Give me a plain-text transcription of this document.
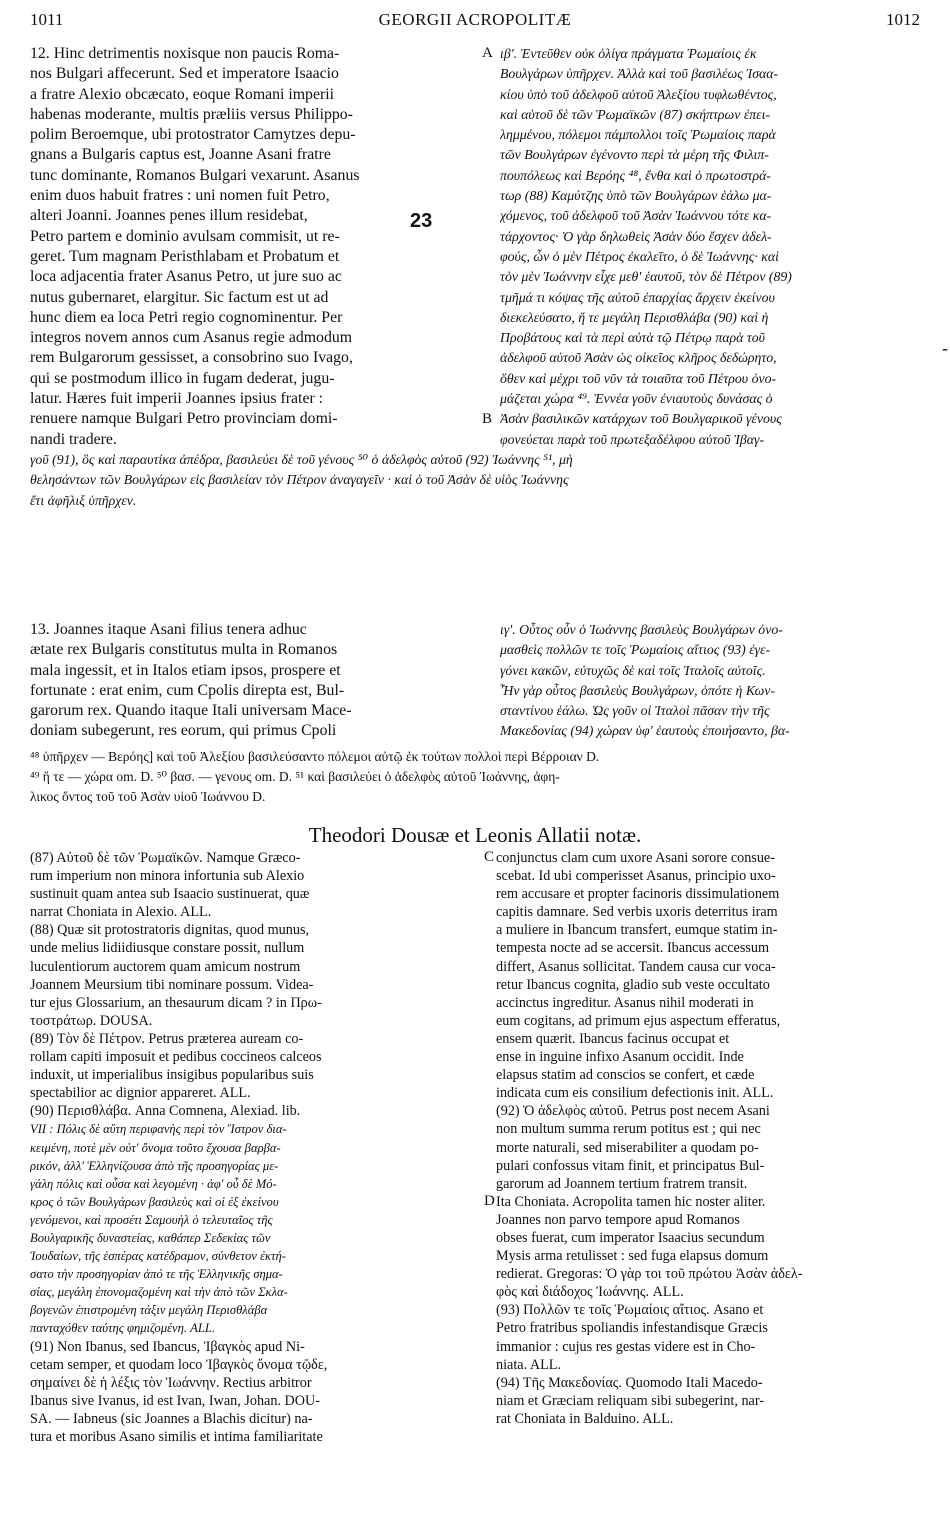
1011	GEORGII ACROPOLITÆ	1012
12. Hinc detrimentis noxisque non paucis Roma-
nos Bulgari affecerunt. Sed et imperatore Isaacio
a fratre Alexio obcæcato, eoque Romani imperii
habenas moderante, multis præliis versus Philippo-
polim Beroemque, ubi protostrator Camytzes depu-
gnans a Bulgaris captus est, Joanne Asani fratre
tunc dominante, Romanos Bulgari vexarunt. Asanus
enim duos habuit fratres : uni nomen fuit Petro,
alteri Joanni. Joannes penes illum residebat,
Petro partem e dominio avulsam commisit, ut re-
geret. Tum magnam Peristhlabam et Probatum et
loca adjacentia frater Asanus Petro, ut jure suo ac
nutus gubernaret, elargitur. Sic factum est ut ad
hunc diem ea loca Petri regio cognominentur. Per
integros novem annos cum Asanus regie admodum
rem Bulgarorum gessisset, a consobrino suo Ivago,
qui se postmodum illico in fugam dederat, jugu-
latur. Hæres fuit imperii Joannes ipsius frater :
renuere namque Bulgari Petro provinciam domi-
nandi tradere.
A
B
23
-
ιβ'. Ἐντεῦθεν οὐκ ὀλίγα πράγματα Ῥωμαίοις ἐκ
Βουλγάρων ὑπῆρχεν. Ἀλλὰ καὶ τοῦ βασιλέως Ἰσαα-
κίου ὑπὸ τοῦ ἀδελφοῦ αὐτοῦ Ἀλεξίου τυφλωθέντος,
καὶ αὐτοῦ δὲ τῶν Ῥωμαϊκῶν (87) σκήπτρων ἐπει-
λημμένου, πόλεμοι πάμπολλοι τοῖς Ῥωμαίοις παρὰ
τῶν Βουλγάρων ἐγένοντο περὶ τὰ μέρη τῆς Φιλιπ-
πουπόλεως καὶ Βερόης ⁴⁸, ἔνθα καὶ ὁ πρωτοστρά-
τωρ (88) Καμύτζης ὑπὸ τῶν Βουλγάρων ἑάλω μα-
χόμενος, τοῦ ἀδελφοῦ τοῦ Ἀσὰν Ἰωάννου τότε κα-
τάρχοντος· Ὁ γὰρ δηλωθεὶς Ἀσὰν δύο ἔσχεν ἀδελ-
φούς, ὧν ὁ μὲν Πέτρος ἐκαλεῖτο, ὁ δὲ Ἰωάννης· καὶ
τὸν μὲν Ἰωάννην εἶχε μεθ' ἑαυτοῦ, τὸν δὲ Πέτρον (89)
τμῆμά τι κόψας τῆς αὐτοῦ ἐπαρχίας ἄρχειν ἐκείνου
διεκελεύσατο, ἥ τε μεγάλη Περισθλάβα (90) καὶ ἡ
Προβάτους καὶ τὰ περὶ αὐτὰ τῷ Πέτρῳ παρὰ τοῦ
ἀδελφοῦ αὐτοῦ Ἀσὰν ὡς οἰκεῖος κλῆρος δεδώρητο,
ὅθεν καὶ μέχρι τοῦ νῦν τὰ τοιαῦτα τοῦ Πέτρου ὀνο-
μάζεται χώρα ⁴⁹. Ἐννέα γοῦν ἐνιαυτοὺς δυνάσας ὁ
Ἀσὰν βασιλικῶν κατάρχων τοῦ Βουλγαρικοῦ γένους
φονεύεται παρὰ τοῦ πρωτεξαδέλφου αὐτοῦ Ἰβαγ-
γοῦ (91), ὃς καὶ παραυτίκα ἀπέδρα, βασιλεύει δὲ τοῦ γένους ⁵⁰ ὁ ἀδελφὸς αὐτοῦ (92) Ἰωάννης ⁵¹, μὴ
θελησάντων τῶν Βουλγάρων εἰς βασιλείαν τὸν Πέτρον ἀναγαγεῖν · καὶ ὁ τοῦ Ἀσὰν δὲ υἱὸς Ἰωάννης
ἔτι ἀφῆλιξ ὑπῆρχεν.
13. Joannes itaque Asani filius tenera adhuc
ætate rex Bulgaris constitutus multa in Romanos
mala ingessit, et in Italos etiam ipsos, prospere et
fortunate : erat enim, cum Cpolis direpta est, Bul-
garorum rex. Quando itaque Itali universam Mace-
doniam subegerunt, res eorum, qui primus Cpoli
ιγ'. Οὗτος οὖν ὁ Ἰωάννης βασιλεὺς Βουλγάρων ὀνο-
μασθεὶς πολλῶν τε τοῖς Ῥωμαίοις αἴτιος (93) ἐγε-
γόνει κακῶν, εὐτυχῶς δὲ καὶ τοῖς Ἰταλοῖς αὐτοῖς.
Ἦν γὰρ οὗτος βασιλεὺς Βουλγάρων, ὁπότε ἡ Κων-
σταντίνου ἑάλω. Ὡς γοῦν οἱ Ἰταλοὶ πᾶσαν τὴν τῆς
Μακεδονίας (94) χώραν ὑφ' ἑαυτοὺς ἐποιήσαντο, βα-
⁴⁸ ὑπῆρχεν — Βερόης] καὶ τοῦ Ἀλεξίου βασιλεύσαντο πόλεμοι αὐτῷ ἐκ τούτων πολλοὶ περὶ Βέρροιαν D.
⁴⁹ ἥ τε — χώρα om. D. ⁵⁰ βασ. — γενους om. D. ⁵¹ καὶ βασιλεύει ὁ ἀδελφὸς αὐτοῦ Ἰωάννης, ἀφη-
λικος ὄντος τοῦ τοῦ Ἀσὰν υἱοῦ Ἰωάννου D.
Theodori Dousæ et Leonis Allatii notæ.
(87) Αὐτοῦ δὲ τῶν Ῥωμαϊκῶν. Namque Græco-
rum imperium non minora infortunia sub Alexio
sustinuit quam antea sub Isaacio sustinuerat, quæ
narrat Choniata in Alexio. ALL.
(88) Quæ sit protostratoris dignitas, quod munus,
unde melius lidiidiusque constare possit, nullum
luculentiorum auctorem quam amicum nostrum
Joannem Meursium tibi nominare possum. Videa-
tur ejus Glossarium, an thesaurum dicam ? in Πρω-
τοστράτωρ. DOUSA.
(89) Τὸν δὲ Πέτρον. Petrus præterea auream co-
rollam capiti imposuit et pedibus coccineos calceos
induxit, ut imperialibus insigibus popularibus suis
spectabilior ac dignior appareret. ALL.
(90) Περισθλάβα. Anna Comnena, Alexiad. lib.
VII : Πόλις δὲ αὕτη περιφανὴς περὶ τὸν Ἴστρον δια-
κειμένη, ποτὲ μὲν οὐτ' ὄνομα τοῦτο ἔχουσα βαρβα-
ρικόν, ἀλλ' Ἑλληνίζουσα ἀπὸ τῆς προσηγορίας με-
γάλη πόλις καὶ οὖσα καὶ λεγομένη · ἀφ' οὗ δὲ Μό-
κρος ὁ τῶν Βουλγάρων βασιλεὺς καὶ οἱ ἐξ ἐκείνου
γενόμενοι, καὶ προσέτι Σαμουὴλ ὁ τελευταῖος τῆς
Βουλγαρικῆς δυναστείας, καθάπερ Σεδεκίας τῶν
Ἰουδαίων, τῆς ἑσπέρας κατέδραμον, σύνθετον ἐκτή-
σατο τὴν προσηγορίαν ἀπό τε τῆς Ἑλληνικῆς σημα-
σίας, μεγάλη ἐπονομαζομένη καὶ τὴν ἀπὸ τῶν Σκλα-
βογενῶν ἐπιστρομένη τάξιν μεγάλη Περισθλάβα
πανταχόθεν ταύτης φημιζομένη. ALL.
(91) Non Ibanus, sed Ibancus, Ἰβαγκὸς apud Ni-
cetam semper, et quodam loco Ἰβαγκὸς ὄνομα τῷδε,
σημαίνει δὲ ἡ λέξις τὸν Ἰωάννην. Rectius arbitror
Ibanus sive Ivanus, id est Ivan, Iwan, Johan. DOU-
SA. — Iabneus (sic Joannes a Blachis dicitur) na-
tura et moribus Asano similis et intima familiaritate
C
D
conjunctus clam cum uxore Asani sorore consue-
scebat. Id ubi comperisset Asanus, principio uxo-
rem accusare et propter facinoris dissimulationem
capitis damnare. Sed verbis uxoris deterritus iram
a muliere in Ibancum transfert, eumque statim in-
tempesta nocte ad se accersit. Ibancus accessum
differt, Asanus sollicitat. Tandem causa cur voca-
retur Ibancus cognita, gladio sub veste occultato
accinctus ingreditur. Asanus nihil moderati in
eum cogitans, ad primum ejus aspectum efferatus,
ensem quærit. Ibancus facinus occupat et
ense in inguine infixo Asanum occidit. Inde
elapsus statim ad conscios se confert, et cæde
indicata cum eis consilium defectionis init. ALL.
(92) Ὁ ἀδελφὸς αὐτοῦ. Petrus post necem Asani
non multum summa rerum potitus est ; qui nec
morte naturali, sed miserabiliter a quodam po-
pulari confossus vitam finit, et principatus Bul-
garorum ad Joannem tertium fratrem transit.
Ita Choniata. Acropolita tamen hic noster aliter.
Joannes non parvo tempore apud Romanos
obses fuerat, cum imperator Isaacius secundum
Mysis arma retulisset : sed fuga elapsus domum
redierat. Gregoras: Ὁ γὰρ τοι τοῦ πρώτου Ἀσὰν ἀδελ-
φὸς καὶ διάδοχος Ἰωάννης. ALL.
(93) Πολλῶν τε τοῖς Ῥωμαίοις αἴτιος. Asano et
Petro fratribus spoliandis infestandisque Græcis
immanior : cujus res gestas videre est in Cho-
niata. ALL.
(94) Τῆς Μακεδονίας. Quomodo Itali Macedo-
niam et Græciam reliquam sibi subegerint, nar-
rat Choniata in Balduino. ALL.
